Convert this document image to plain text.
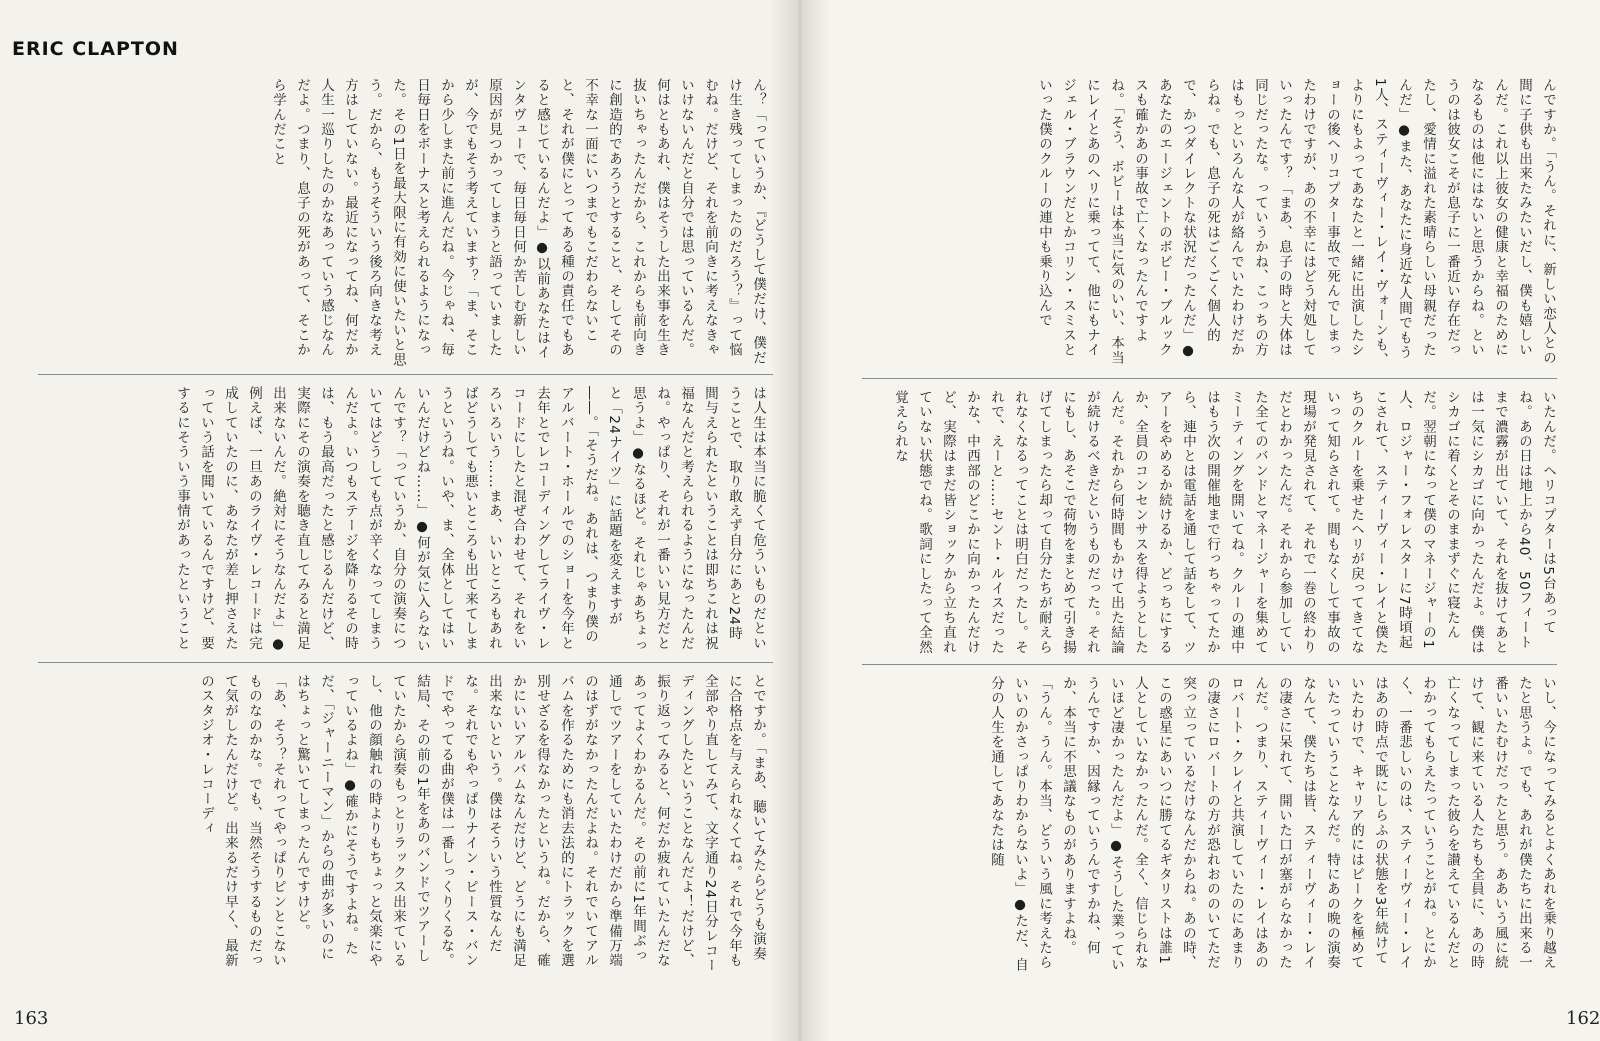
ERIC CLAPTON
ん？「っていうか、『どうして僕だけ、僕だけ生き残ってしまったのだろう？』って悩むね。だけど、それを前向きに考えなきゃいけないんだと自分では思っているんだ。何はともあれ、僕はそうした出来事を生き抜いちゃったんだから、これからも前向きに創造的であろうとすること、そしてその不幸な一面にいつまでもこだわらないこと、それが僕にとってある種の責任でもあると感じているんだよ」●以前あなたはインタヴューで、毎日毎日何か苦しむ新しい原因が見つかってしまうと語っていましたが、今でもそう考えています？「ま、そこから少しまた前に進んだね。今じゃね、毎日毎日をボーナスと考えられるようになった。その1日を最大限に有効に使いたいと思う。だから、もうそういう後ろ向きな考え方はしていない。最近になってね、何だか人生一巡りしたのかなあっていう感じなんだよ。つまり、息子の死があって、そこから学んだこと
は人生は本当に脆くて危ういものだということで、取り敢えず自分にあと24時間与えられたということは即ちこれは祝福なんだと考えられるようになったんだね。やっぱり、それが一番いい見方だと思うよ」●なるほど。それじゃあちょっと「24ナイツ」に話題を変えますが――。「そうだね。あれは、つまり僕のアルバート・ホールでのショーを今年と去年とでレコーディングしてライヴ・レコードにしたと混ぜ合わせて、それをいろいろいう……まあ、いいところもあればどうしても悪いところも出て来てしまうというね。いや、ま、全体としてはいいんだけどね……」●何が気に入らないんです？「っていうか、自分の演奏についてはどうしても点が辛くなってしまうんだよ。いつもステージを降りるその時は、もう最高だったと感じるんだけど、実際にその演奏を聴き直してみると満足出来ないんだ。絶対にそうなんだよ」●例えば、一旦あのライヴ・レコードは完成していたのに、あなたが差し押さえたっていう話を聞いているんですけど、要するにそういう事情があったということ
とですか。「まあ、聴いてみたらどうも演奏に合格点を与えられなくてね。それで今年も全部やり直してみて、文字通り24日分レコーディングしたということなんだよ！だけど、振り返ってみると、何だか疲れていたんだなあってよくわかるんだ。その前に1年間ぶっ通しでツアーをしていたわけだから準備万端のはずがなかったんだよね。それでいてアルバムを作るためにも消去法的にトラックを選別せざるを得なかったというね。だから、確かにいいアルバムなんだけど、どうにも満足出来ないという。僕はそういう性質なんだな。それでもやっぱりナイン・ピース・バンドでやってる曲が僕は一番しっくりくるな。結局、その前の1年をあのバンドでツアーしていたから演奏もっとリラックス出来ているし、他の顔触れの時よりもちょっと気楽にやっているよね」●確かにそうですよね。ただ、「ジャーニーマン」からの曲が多いのにはちょっと驚いてしまったんですけど。「あ、そう？それってやっぱりピンとこないものなのかな。でも、当然そうするものだって気がしたんだけど。出来るだけ早く、最新のスタジオ・レコーディ
163
んですか。「うん。それに、新しい恋人との間に子供も出来たみたいだし、僕も嬉しいんだ。これ以上彼女の健康と幸福のためになるものは他にはないと思うからね。というのは彼女こそが息子に一番近い存在だったし、愛情に溢れた素晴らしい母親だったんだ」●また、あなたに身近な人間でもう1人、スティーヴィー・レイ・ヴォーンも、よりにもよってあなたと一緒に出演したショーの後ヘリコプター事故で死んでしまったわけですが、あの不幸にはどう対処していったんです？「まあ、息子の時と大体は同じだったな。っていうかね、こっちの方はもっといろんな人が絡んでいたわけだからね。でも、息子の死はごくごく個人的で、かつダイレクトな状況だったんだ」●あなたのエージェントのボビー・ブルックスも確かあの事故で亡くなったんですよね。「そう、ボビーは本当に気のいい、本当にレイとあのヘリに乗ってて、他にもナイジェル・ブラウンだとかコリン・スミスといった僕のクルーの連中も乗り込んで
いたんだ。ヘリコプターは5台あってね。あの日は地上から40、50フィートまで濃霧が出ていて、それを抜けてあとは一気にシカゴに向かったんだよ。僕はシカゴに着くとそのままずぐに寝たんだ。翌朝になって僕のマネージャーの1人、ロジャー・フォレスターに7時頃起こされて、スティーヴィー・レイと僕たちのクルーを乗せたヘリが戻ってきてないって知らされて。間もなくして事故の現場が発見されて、それで一巻の終わりだとわかったんだ。それから参加していた全てのバンドとマネージャーを集めてミーティングを開いてね。クルーの連中はもう次の開催地まで行っちゃってたから、連中とは電話を通して話をして、ツアーをやめるか続けるか、どっちにするか、全員のコンセンサスを得ようとしたんだ。それから何時間もかけて出た結論が続けるべきだというものだった。それにもし、あそこで荷物をまとめて引き揚げてしまったら却って自分たちが耐えられなくなるってことは明白だったし。それで、えーと……セント・ルイスだったかな、中西部のどこかに向かったんだけど、実際はまだ皆ショックから立ち直れていない状態でね。歌詞にしたって全然覚えられな
いし、今になってみるとよくあれを乗り越えたと思うよ。でも、あれが僕たちに出来る一番いいたむけだったと思う。ああいう風に続けて、観に来ている人たちも全員に、あの時亡くなってしまった彼らを讃えているんだとわかってもらえたっていうことがね。とにかく、一番悲しいのは、スティーヴィー・レイはあの時点で既にしらふの状態を3年続けていたわけで、キャリア的にはピークを極めていたっていうことなんだ。特にあの晩の演奏なんて、僕たちは皆、スティーヴィー・レイの凄さに呆れて、開いた口が塞がらなかったんだ。つまり、スティーヴィー・レイはあのロバート・クレイと共演していたのにあまりの凄さにロバートの方が恐れおののいてただ突っ立っているだけなんだからね。あの時、この惑星にあいつに勝てるギタリストは誰1人としていなかったんだ。全く、信じられないほど凄かったんだよ」●そうした業っていうんですか、因縁っていうんですかね、何か、本当に不思議なものがありますよね。「うん。うん。本当、どういう風に考えたらいいのかさっぱりわからないよ」●ただ、自分の人生を通してあなたは随
162
